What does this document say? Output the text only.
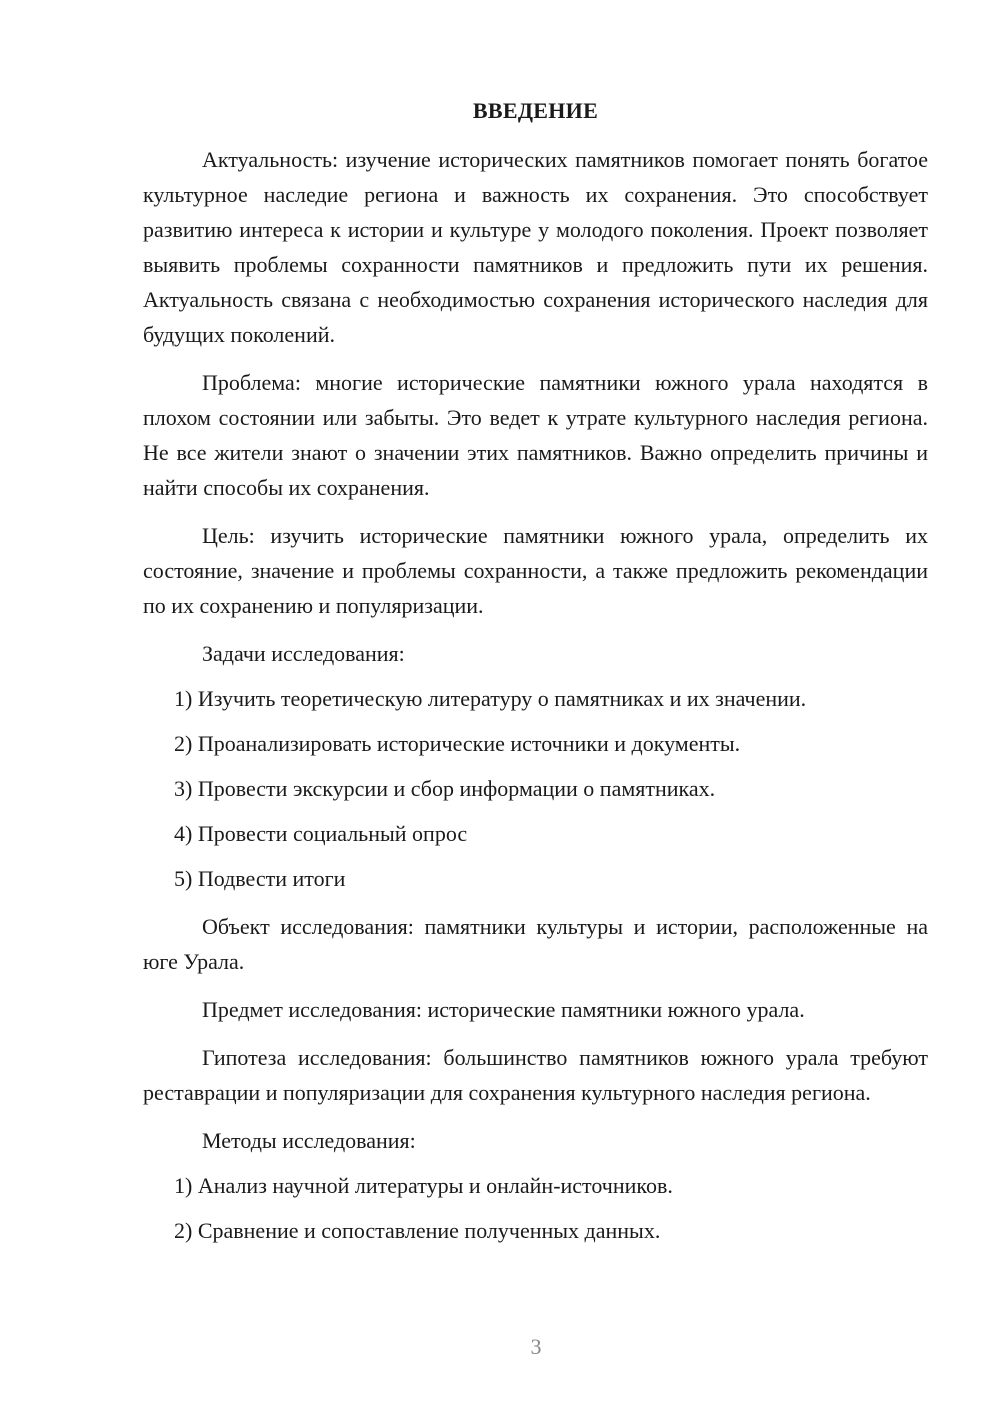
ВВЕДЕНИЕ

Актуальность: изучение исторических памятников помогает понять богатое культурное наследие региона и важность их сохранения. Это способствует развитию интереса к истории и культуре у молодого поколения. Проект позволяет выявить проблемы сохранности памятников и предложить пути их решения. Актуальность связана с необходимостью сохранения исторического наследия для будущих поколений.

Проблема: многие исторические памятники южного урала находятся в плохом состоянии или забыты. Это ведет к утрате культурного наследия региона. Не все жители знают о значении этих памятников. Важно определить причины и найти способы их сохранения.

Цель: изучить исторические памятники южного урала, определить их состояние, значение и проблемы сохранности, а также предложить рекомендации по их сохранению и популяризации.

Задачи исследования:

1) Изучить теоретическую литературу о памятниках и их значении.

2) Проанализировать исторические источники и документы.

3) Провести экскурсии и сбор информации о памятниках.

4) Провести социальный опрос

5) Подвести итоги

Объект исследования: памятники культуры и истории, расположенные на юге Урала.

Предмет исследования: исторические памятники южного урала.

Гипотеза исследования: большинство памятников южного урала требуют реставрации и популяризации для сохранения культурного наследия региона.

Методы исследования:

1) Анализ научной литературы и онлайн-источников.

2) Сравнение и сопоставление полученных данных.

3
